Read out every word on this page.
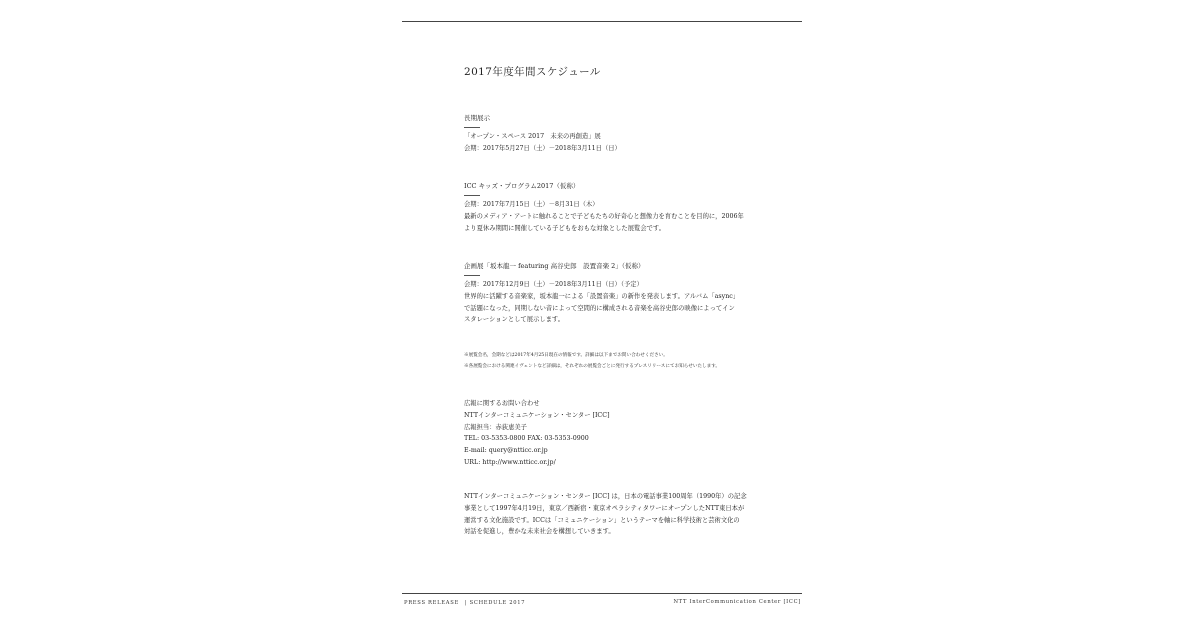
2017年度年間スケジュール
長期展示
「オープン・スペース 2017　未来の再創造」展
会期：2017年5月27日（土）－2018年3月11日（日）
ICC キッズ・プログラム2017（仮称）
会期：2017年7月15日（土）－8月31日（木）
最新のメディア・アートに触れることで子どもたちの好奇心と想像力を育むことを目的に，2006年
より夏休み期間に開催している子どもをおもな対象とした展覧会です。
企画展「坂本龍一 featuring 高谷史郎　設置音楽 2」（仮称）
会期：2017年12月9日（土）－2018年3月11日（日）（予定）
世界的に活躍する音楽家，坂本龍一による「設置音楽」の新作を発表します。アルバム「async」
で話題になった，同期しない音によって空間的に構成される音楽を高谷史郎の映像によってイン
スタレーションとして展示します。
※展覧会名，会期などは2017年4月25日現在の情報です。詳細は以下までお問い合わせください。
※各展覧会における関連イヴェントなど詳細は，それぞれの展覧会ごとに発行するプレスリリースにてお知らせいたします。
広報に関するお問い合わせ
NTTインターコミュニケーション・センター [ICC]
広報担当：赤荻恵美子
TEL: 03-5353-0800 FAX: 03-5353-0900
E-mail: query@ntticc.or.jp
URL: http://www.ntticc.or.jp/
NTTインターコミュニケーション・センター [ICC] は，日本の電話事業100周年（1990年）の記念
事業として1997年4月19日，東京／西新宿・東京オペラシティタワーにオープンしたNTT東日本が
運営する文化施設です。ICCは「コミュニケーション」というテーマを軸に科学技術と芸術文化の
対話を促進し，豊かな未来社会を構想していきます。
PRESS RELEASE　| SCHEDULE 2017	NTT InterCommunication Center [ICC]
